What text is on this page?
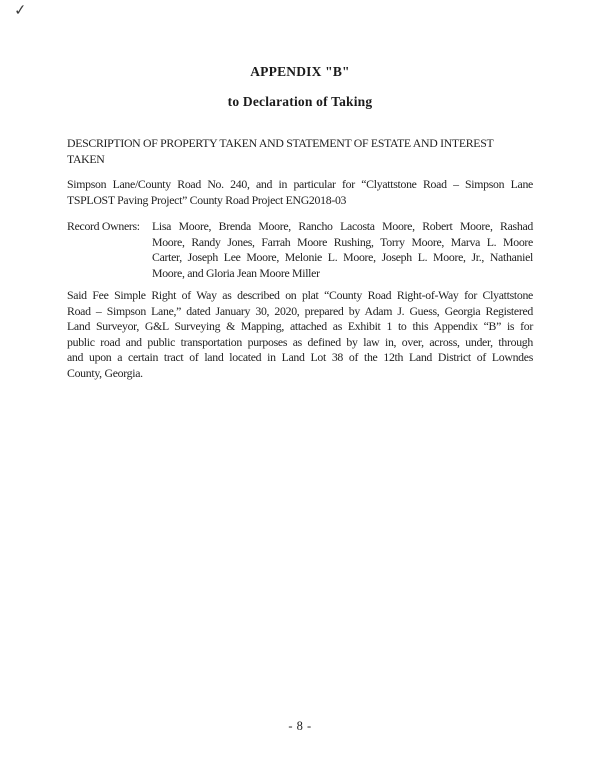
✓
APPENDIX "B"
to Declaration of Taking
DESCRIPTION OF PROPERTY TAKEN AND STATEMENT OF ESTATE AND INTEREST
TAKEN
Simpson Lane/County Road No. 240, and in particular for “Clyattstone Road – Simpson Lane
TSPLOST Paving Project” County Road Project ENG2018-03
Record Owners: Lisa Moore, Brenda Moore, Rancho Lacosta Moore, Robert Moore, Rashad
Moore, Randy Jones, Farrah Moore Rushing, Torry Moore, Marva L. Moore
Carter, Joseph Lee Moore, Melonie L. Moore, Joseph L. Moore, Jr., Nathaniel
Moore, and Gloria Jean Moore Miller
Said Fee Simple Right of Way as described on plat “County Road Right-of-Way for Clyattstone
Road – Simpson Lane,” dated January 30, 2020, prepared by Adam J. Guess, Georgia Registered
Land Surveyor, G&L Surveying & Mapping, attached as Exhibit 1 to this Appendix “B” is for
public road and public transportation purposes as defined by law in, over, across, under, through
and upon a certain tract of land located in Land Lot 38 of the 12th Land District of Lowndes
County, Georgia.
- 8 -
